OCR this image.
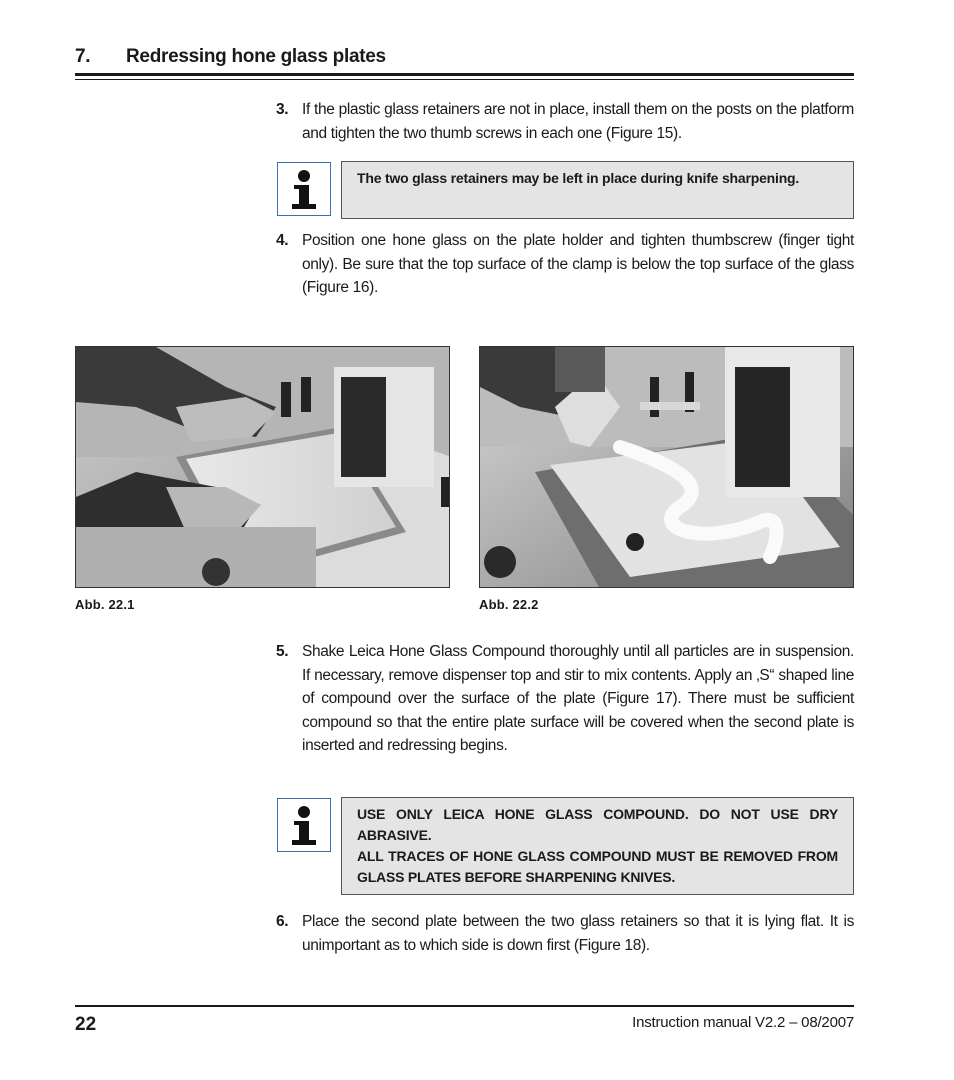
7. Redressing hone glass plates
3. If the plastic glass retainers are not in place, install them on the posts on the platform and tighten the two thumb screws in each one (Figure 15).
The two glass retainers may be left in place during knife sharpening.
4. Position one hone glass on the plate holder and tighten thumbscrew (finger tight only). Be sure that the top surface of the clamp is below the top surface of the glass (Figure 16).
Abb. 22.1	Abb. 22.2
5. Shake Leica Hone Glass Compound thoroughly until all particles are in suspension. If necessary, remove dispenser top and stir to mix contents. Apply an ‚S“ shaped line of compound over the surface of the plate (Figure 17). There must be sufficient compound so that the entire plate surface will be covered when the second plate is inserted and redressing begins.
USE ONLY LEICA HONE GLASS COMPOUND. DO NOT USE DRY ABRASIVE.
ALL TRACES OF HONE GLASS COMPOUND MUST BE REMOVED FROM GLASS PLATES BEFORE SHARPENING KNIVES.
6. Place the second plate between the two glass retainers so that it is lying flat. It is unimportant as to which side is down first (Figure 18).
22	Instruction manual V2.2 – 08/2007
